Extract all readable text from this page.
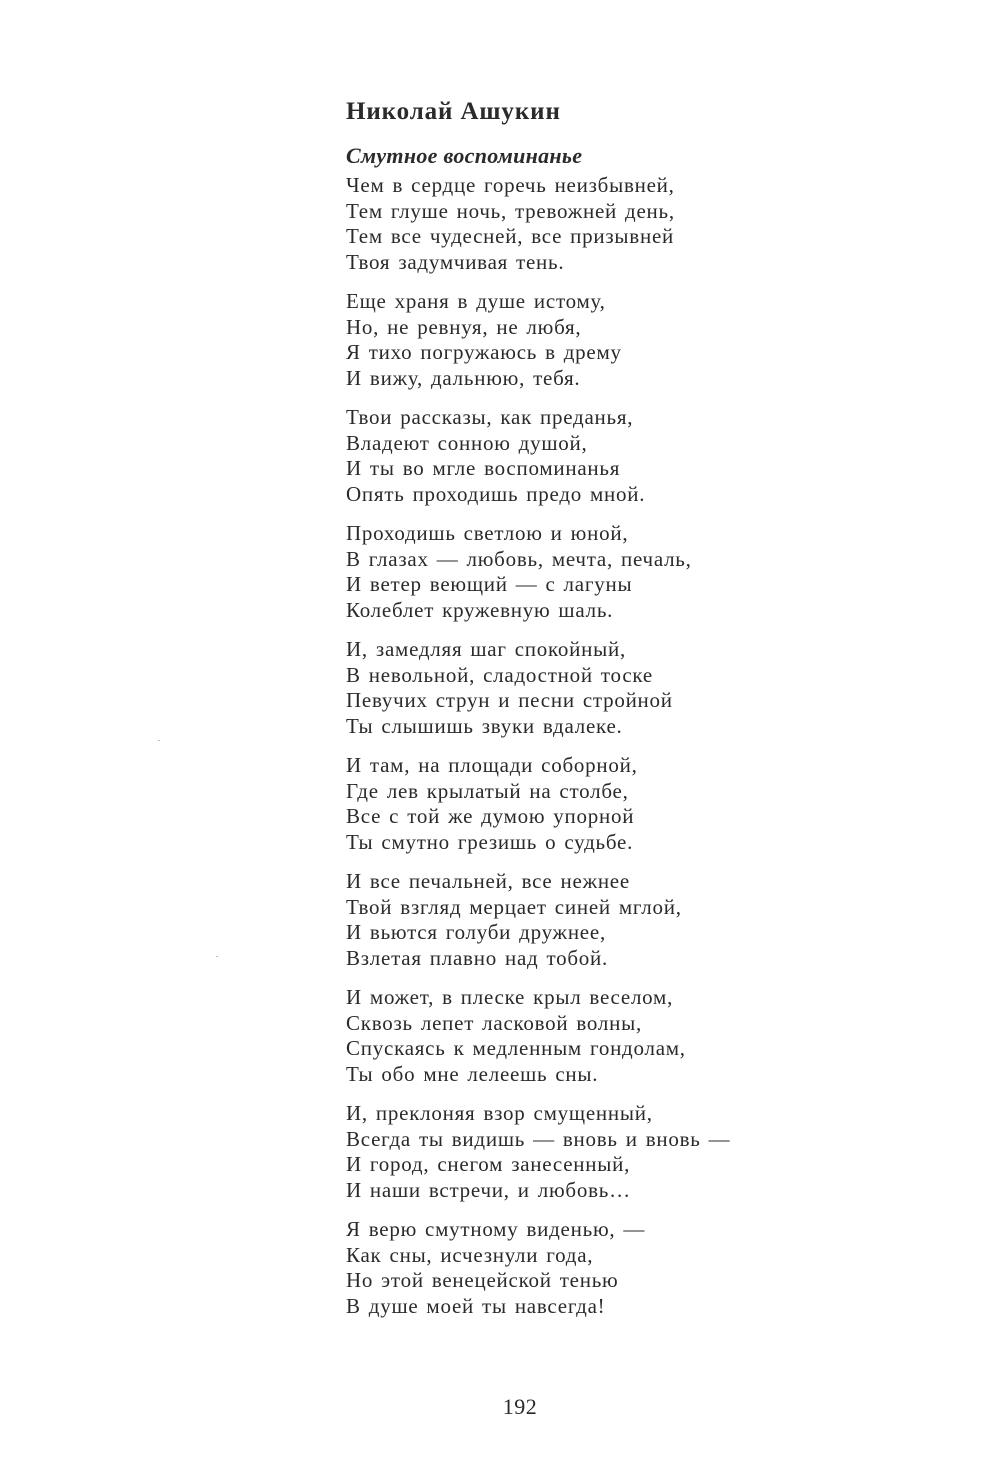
Николай Ашукин
Смутное воспоминанье
Чем в сердце горечь неизбывней,
Тем глуше ночь, тревожней день,
Тем все чудесней, все призывней
Твоя задумчивая тень.
Еще храня в душе истому,
Но, не ревнуя, не любя,
Я тихо погружаюсь в дрему
И вижу, дальнюю, тебя.
Твои рассказы, как преданья,
Владеют сонною душой,
И ты во мгле воспоминанья
Опять проходишь предо мной.
Проходишь светлою и юной,
В глазах — любовь, мечта, печаль,
И ветер веющий — с лагуны
Колеблет кружевную шаль.
И, замедляя шаг спокойный,
В невольной, сладостной тоске
Певучих струн и песни стройной
Ты слышишь звуки вдалеке.
И там, на площади соборной,
Где лев крылатый на столбе,
Все с той же думою упорной
Ты смутно грезишь о судьбе.
И все печальней, все нежнее
Твой взгляд мерцает синей мглой,
И вьются голуби дружнее,
Взлетая плавно над тобой.
И может, в плеске крыл веселом,
Сквозь лепет ласковой волны,
Спускаясь к медленным гондолам,
Ты обо мне лелеешь сны.
И, преклоняя взор смущенный,
Всегда ты видишь — вновь и вновь —
И город, снегом занесенный,
И наши встречи, и любовь…
Я верю смутному виденью, —
Как сны, исчезнули года,
Но этой венецейской тенью
В душе моей ты навсегда!
192
